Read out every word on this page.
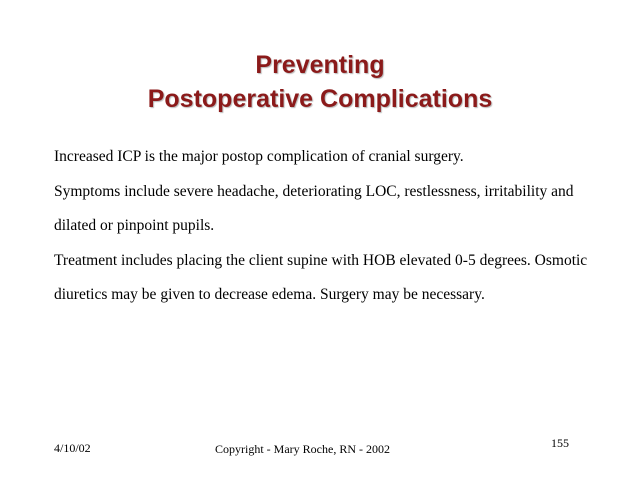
Preventing
Postoperative Complications

Increased ICP is the major postop complication of cranial surgery.

Symptoms include severe headache, deteriorating LOC, restlessness, irritability and dilated or pinpoint pupils.

Treatment includes placing the client supine with HOB elevated 0-5 degrees. Osmotic diuretics may be given to decrease edema. Surgery may be necessary.

4/10/02	Copyright - Mary Roche, RN - 2002	155
